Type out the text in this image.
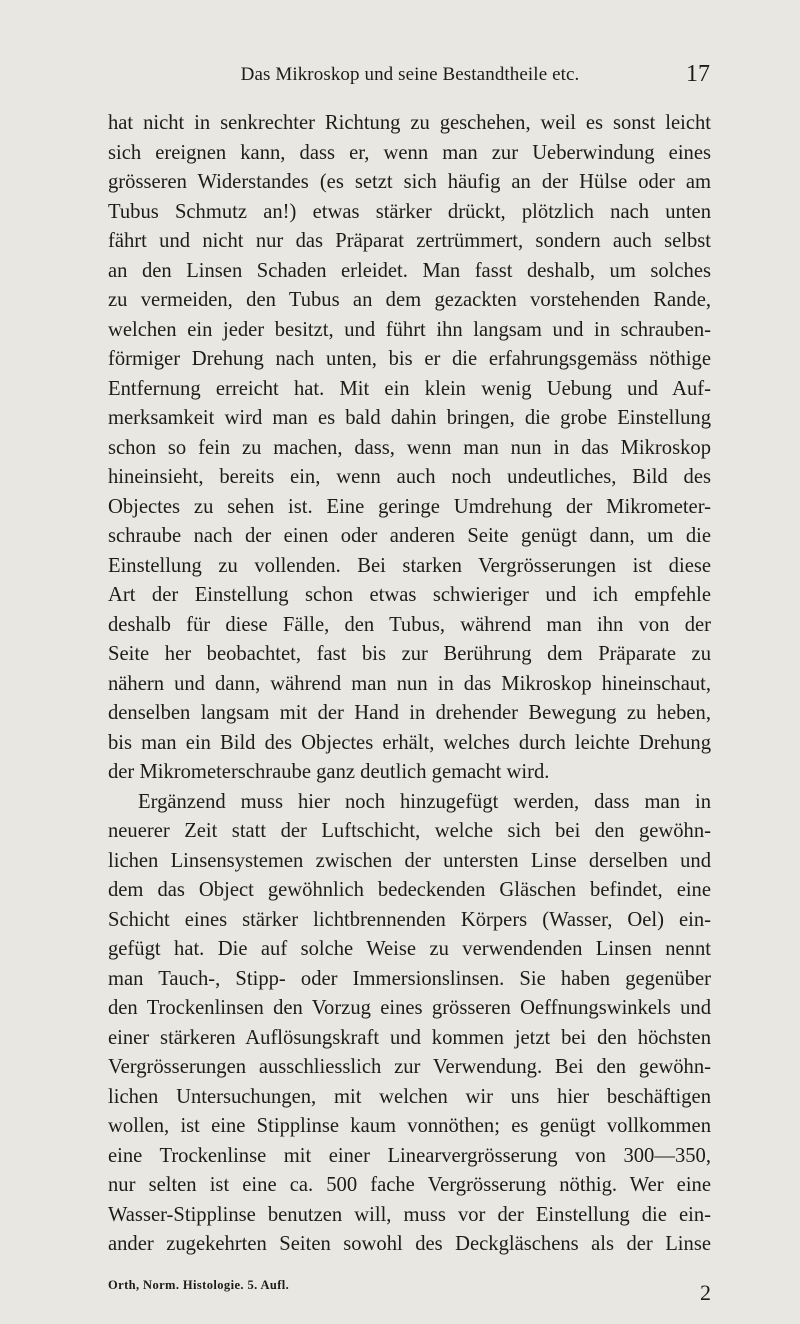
Das Mikroskop und seine Bestandtheile etc.	17
hat nicht in senkrechter Richtung zu geschehen, weil es sonst leicht
sich ereignen kann, dass er, wenn man zur Ueberwindung eines
grösseren Widerstandes (es setzt sich häufig an der Hülse oder am
Tubus Schmutz an!) etwas stärker drückt, plötzlich nach unten
fährt und nicht nur das Präparat zertrümmert, sondern auch selbst
an den Linsen Schaden erleidet. Man fasst deshalb, um solches
zu vermeiden, den Tubus an dem gezackten vorstehenden Rande,
welchen ein jeder besitzt, und führt ihn langsam und in schrauben-
förmiger Drehung nach unten, bis er die erfahrungsgemäss nöthige
Entfernung erreicht hat. Mit ein klein wenig Uebung und Auf-
merksamkeit wird man es bald dahin bringen, die grobe Einstellung
schon so fein zu machen, dass, wenn man nun in das Mikroskop
hineinsieht, bereits ein, wenn auch noch undeutliches, Bild des
Objectes zu sehen ist. Eine geringe Umdrehung der Mikrometer-
schraube nach der einen oder anderen Seite genügt dann, um die
Einstellung zu vollenden. Bei starken Vergrösserungen ist diese
Art der Einstellung schon etwas schwieriger und ich empfehle
deshalb für diese Fälle, den Tubus, während man ihn von der
Seite her beobachtet, fast bis zur Berührung dem Präparate zu
nähern und dann, während man nun in das Mikroskop hineinschaut,
denselben langsam mit der Hand in drehender Bewegung zu heben,
bis man ein Bild des Objectes erhält, welches durch leichte Drehung
der Mikrometerschraube ganz deutlich gemacht wird.
Ergänzend muss hier noch hinzugefügt werden, dass man in
neuerer Zeit statt der Luftschicht, welche sich bei den gewöhn-
lichen Linsensystemen zwischen der untersten Linse derselben und
dem das Object gewöhnlich bedeckenden Gläschen befindet, eine
Schicht eines stärker lichtbrennenden Körpers (Wasser, Oel) ein-
gefügt hat. Die auf solche Weise zu verwendenden Linsen nennt
man Tauch-, Stipp- oder Immersionslinsen. Sie haben gegenüber
den Trockenlinsen den Vorzug eines grösseren Oeffnungswinkels und
einer stärkeren Auflösungskraft und kommen jetzt bei den höchsten
Vergrösserungen ausschliesslich zur Verwendung. Bei den gewöhn-
lichen Untersuchungen, mit welchen wir uns hier beschäftigen
wollen, ist eine Stipplinse kaum vonnöthen; es genügt vollkommen
eine Trockenlinse mit einer Linearvergrösserung von 300—350,
nur selten ist eine ca. 500 fache Vergrösserung nöthig. Wer eine
Wasser-Stipplinse benutzen will, muss vor der Einstellung die ein-
ander zugekehrten Seiten sowohl des Deckgläschens als der Linse
Orth, Norm. Histologie. 5. Aufl.	2
